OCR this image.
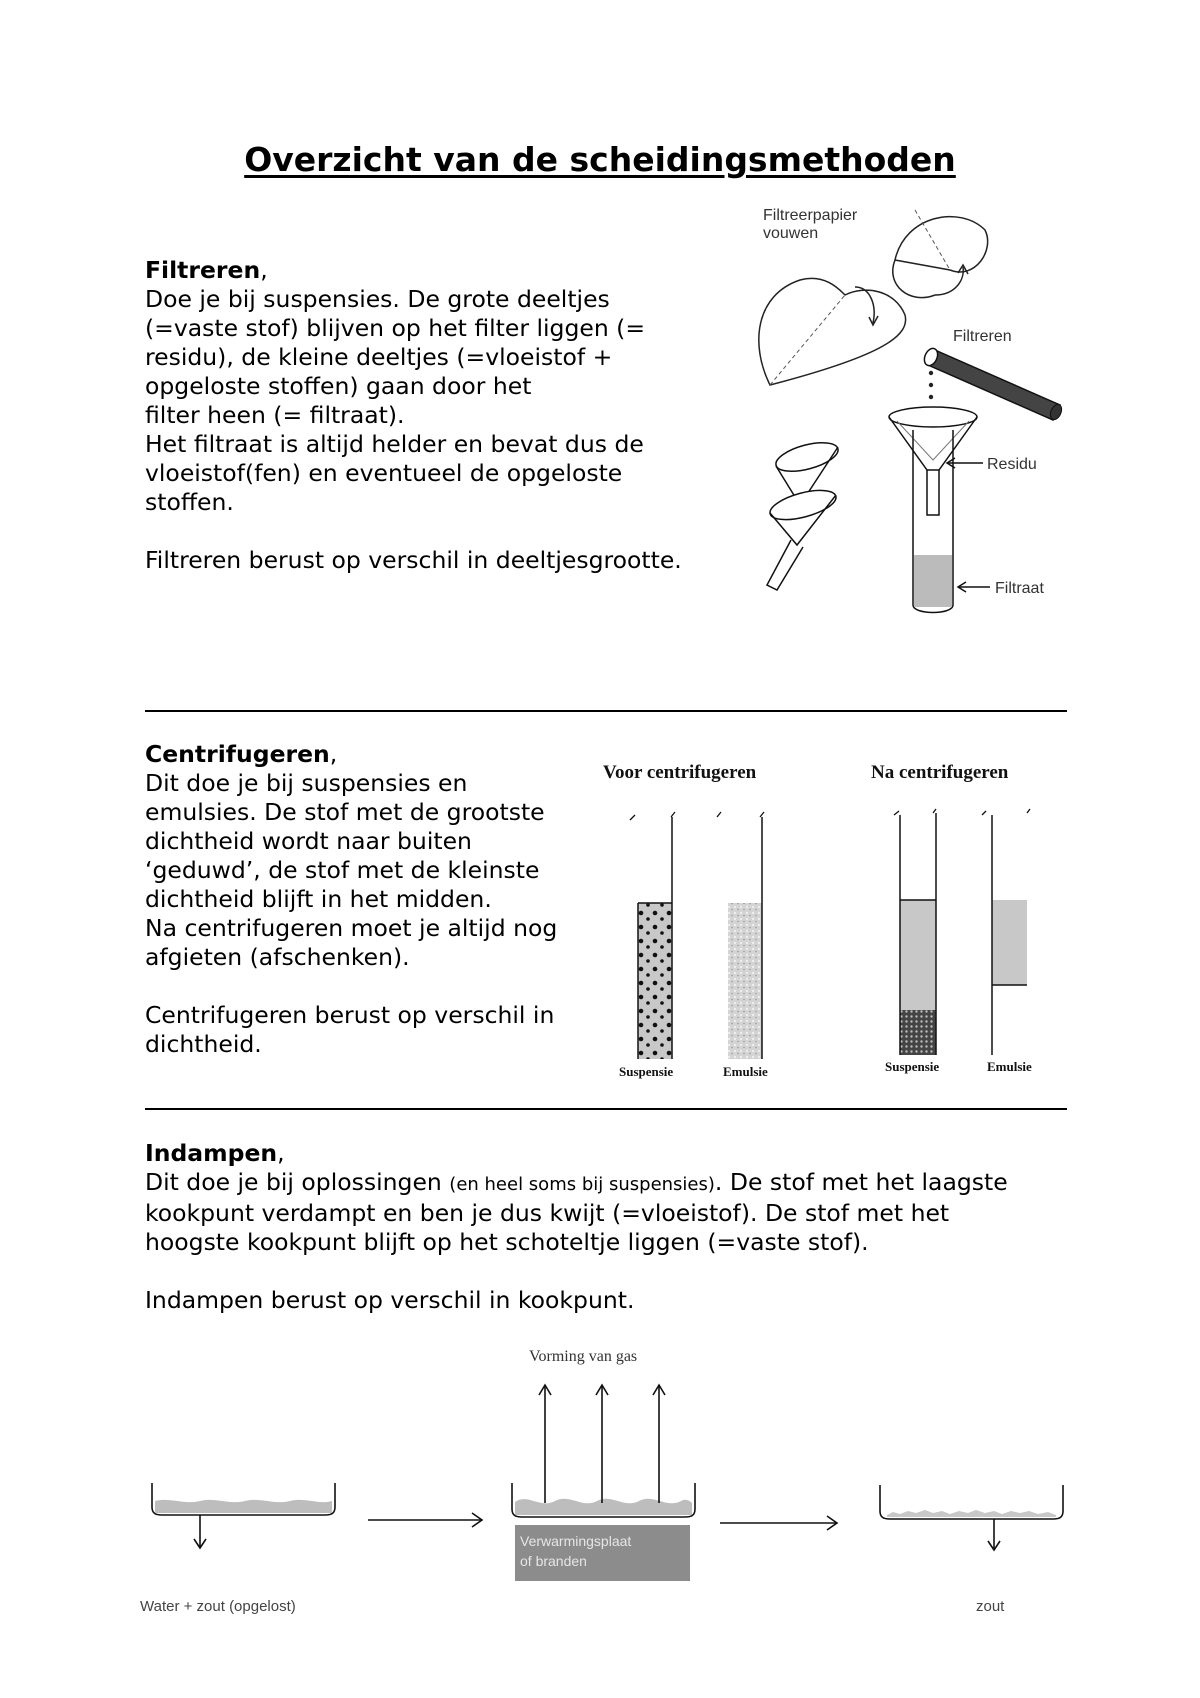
Overzicht van de scheidingsmethoden

Filtreren,

Doe je bij suspensies. De grote deeltjes

(=vaste stof) blijven op het filter liggen (=

residu), de kleine deeltjes (=vloeistof +

opgeloste stoffen) gaan door het

filter heen (= filtraat).

Het filtraat is altijd helder en bevat dus de

vloeistof(fen) en eventueel de opgeloste

stoffen.

Filtreren berust op verschil in deeltjesgrootte.

Filtreerpapier
vouwen
Filtreren
Residu
Filtraat

Centrifugeren,

Dit doe je bij suspensies en

emulsies. De stof met de grootste

dichtheid wordt naar buiten

‘geduwd’, de stof met de kleinste

dichtheid blijft in het midden.

Na centrifugeren moet je altijd nog

afgieten (afschenken).

Centrifugeren berust op verschil in

dichtheid.

Voor centrifugeren	Na centrifugeren
Suspensie	Emulsie	Suspensie	Emulsie

Indampen,

Dit doe je bij oplossingen (en heel soms bij suspensies). De stof met het laagste

kookpunt verdampt en ben je dus kwijt (=vloeistof). De stof met het

hoogste kookpunt blijft op het schoteltje liggen (=vaste stof).

Indampen berust op verschil in kookpunt.

Water + zout (opgelost)
Vorming van gas
Verwarmingsplaat
of branden
zout
